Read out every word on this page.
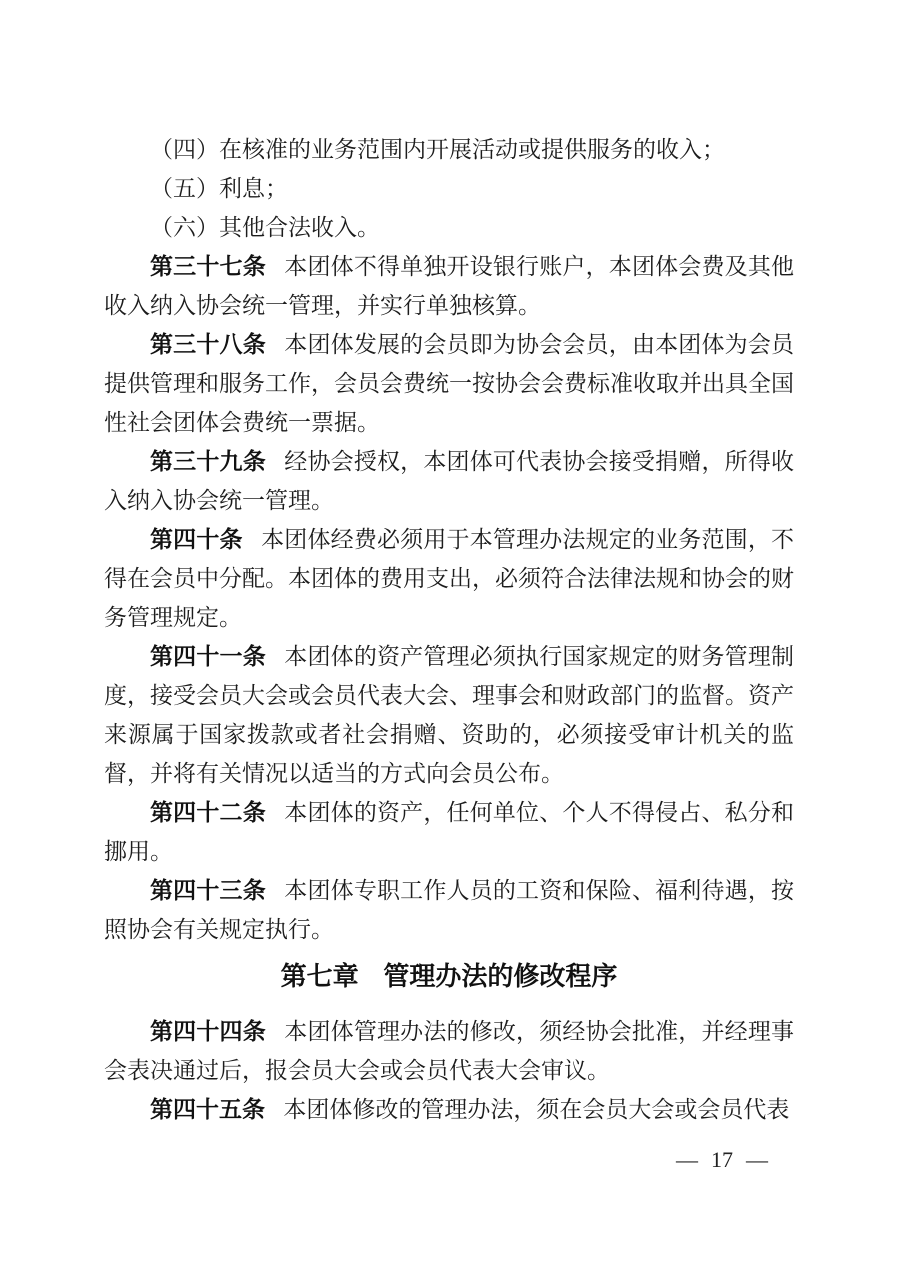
（四）在核准的业务范围内开展活动或提供服务的收入；

（五）利息；

（六）其他合法收入。

第三十七条 本团体不得单独开设银行账户，本团体会费及其他收入纳入协会统一管理，并实行单独核算。

第三十八条 本团体发展的会员即为协会会员，由本团体为会员提供管理和服务工作，会员会费统一按协会会费标准收取并出具全国性社会团体会费统一票据。

第三十九条 经协会授权，本团体可代表协会接受捐赠，所得收入纳入协会统一管理。

第四十条 本团体经费必须用于本管理办法规定的业务范围，不得在会员中分配。本团体的费用支出，必须符合法律法规和协会的财务管理规定。

第四十一条 本团体的资产管理必须执行国家规定的财务管理制度，接受会员大会或会员代表大会、理事会和财政部门的监督。资产来源属于国家拨款或者社会捐赠、资助的，必须接受审计机关的监督，并将有关情况以适当的方式向会员公布。

第四十二条 本团体的资产，任何单位、个人不得侵占、私分和挪用。

第四十三条 本团体专职工作人员的工资和保险、福利待遇，按照协会有关规定执行。

第七章 管理办法的修改程序

第四十四条 本团体管理办法的修改，须经协会批准，并经理事会表决通过后，报会员大会或会员代表大会审议。

第四十五条 本团体修改的管理办法，须在会员大会或会员代表

— 17 —
